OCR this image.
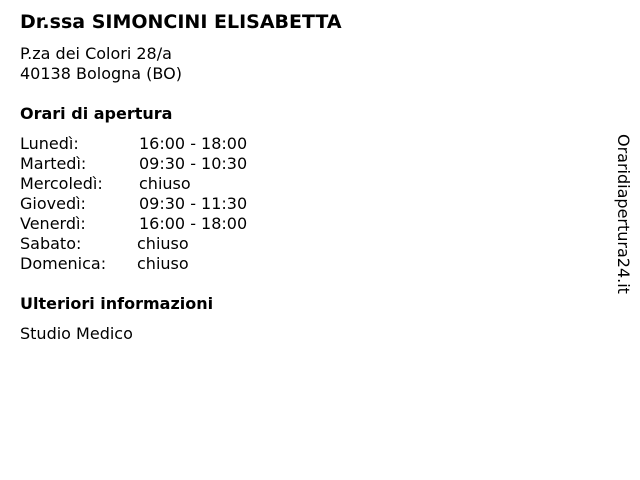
Dr.ssa SIMONCINI ELISABETTA
P.za dei Colori 28/a
40138 Bologna (BO)
Orari di apertura
Lunedì:	16:00 - 18:00
Martedì:	09:30 - 10:30
Mercoledì: chiuso
Giovedì:	09:30 - 11:30
Venerdì:	16:00 - 18:00
Sabato:	chiuso
Domenica: chiuso
Ulteriori informazioni
Studio Medico
Oraridiapertura24.it
